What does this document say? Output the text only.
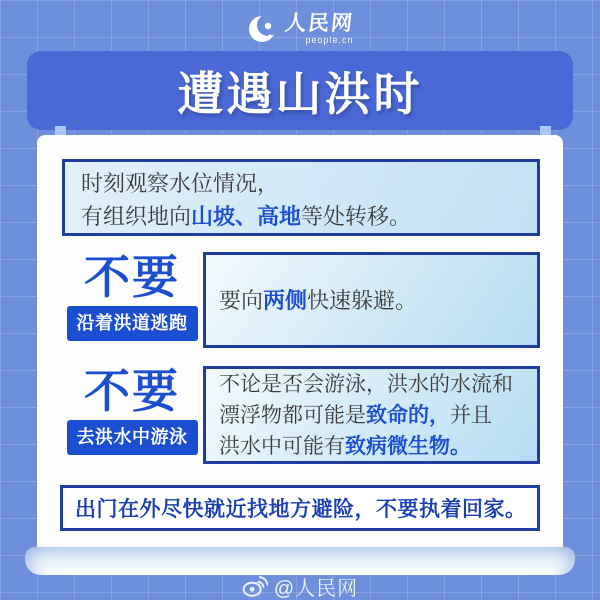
人民网
people.cn
遭遇山洪时
时刻观察水位情况，
有组织地向山坡、高地等处转移。
不要
沿着洪道逃跑
要向两侧快速躲避。
不要
去洪水中游泳
不论是否会游泳，洪水的水流和
漂浮物都可能是致命的，并且
洪水中可能有致病微生物。
出门在外尽快就近找地方避险，不要执着回家。
@人民网
